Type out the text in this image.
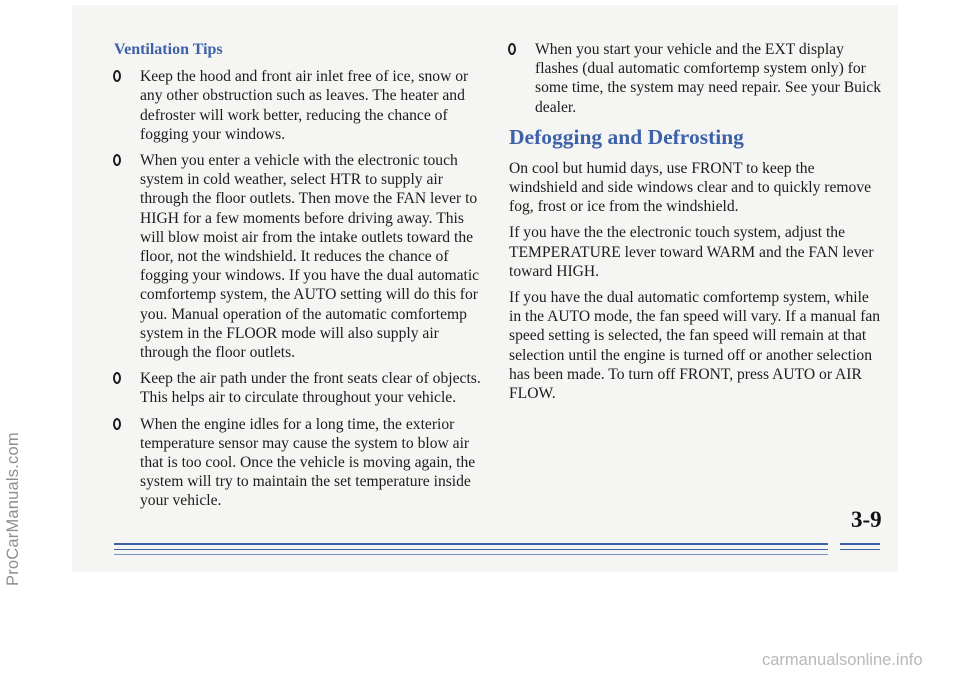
ProCarManuals.com
Ventilation Tips
Keep the hood and front air inlet free of ice, snow or any other obstruction such as leaves. The heater and defroster will work better, reducing the chance of fogging your windows.
When you enter a vehicle with the electronic touch system in cold weather, select HTR to supply air through the floor outlets. Then move the FAN lever to HIGH for a few moments before driving away. This will blow moist air from the intake outlets toward the floor, not the windshield. It reduces the chance of fogging your windows. If you have the dual automatic comfortemp system, the AUTO setting will do this for you. Manual operation of the automatic comfortemp system in the FLOOR mode will also supply air through the floor outlets.
Keep the air path under the front seats clear of objects. This helps air to circulate throughout your vehicle.
When the engine idles for a long time, the exterior temperature sensor may cause the system to blow air that is too cool. Once the vehicle is moving again, the system will try to maintain the set temperature inside your vehicle.
When you start your vehicle and the EXT display flashes (dual automatic comfortemp system only) for some time, the system may need repair. See your Buick dealer.
Defogging and Defrosting

On cool but humid days, use FRONT to keep the windshield and side windows clear and to quickly remove fog, frost or ice from the windshield.

If you have the the electronic touch system, adjust the TEMPERATURE lever toward WARM and the FAN lever toward HIGH.

If you have the dual automatic comfortemp system, while in the AUTO mode, the fan speed will vary. If a manual fan speed setting is selected, the fan speed will remain at that selection until the engine is turned off or another selection has been made. To turn off FRONT, press AUTO or AIR FLOW.

3-9
carmanualsonline.info
